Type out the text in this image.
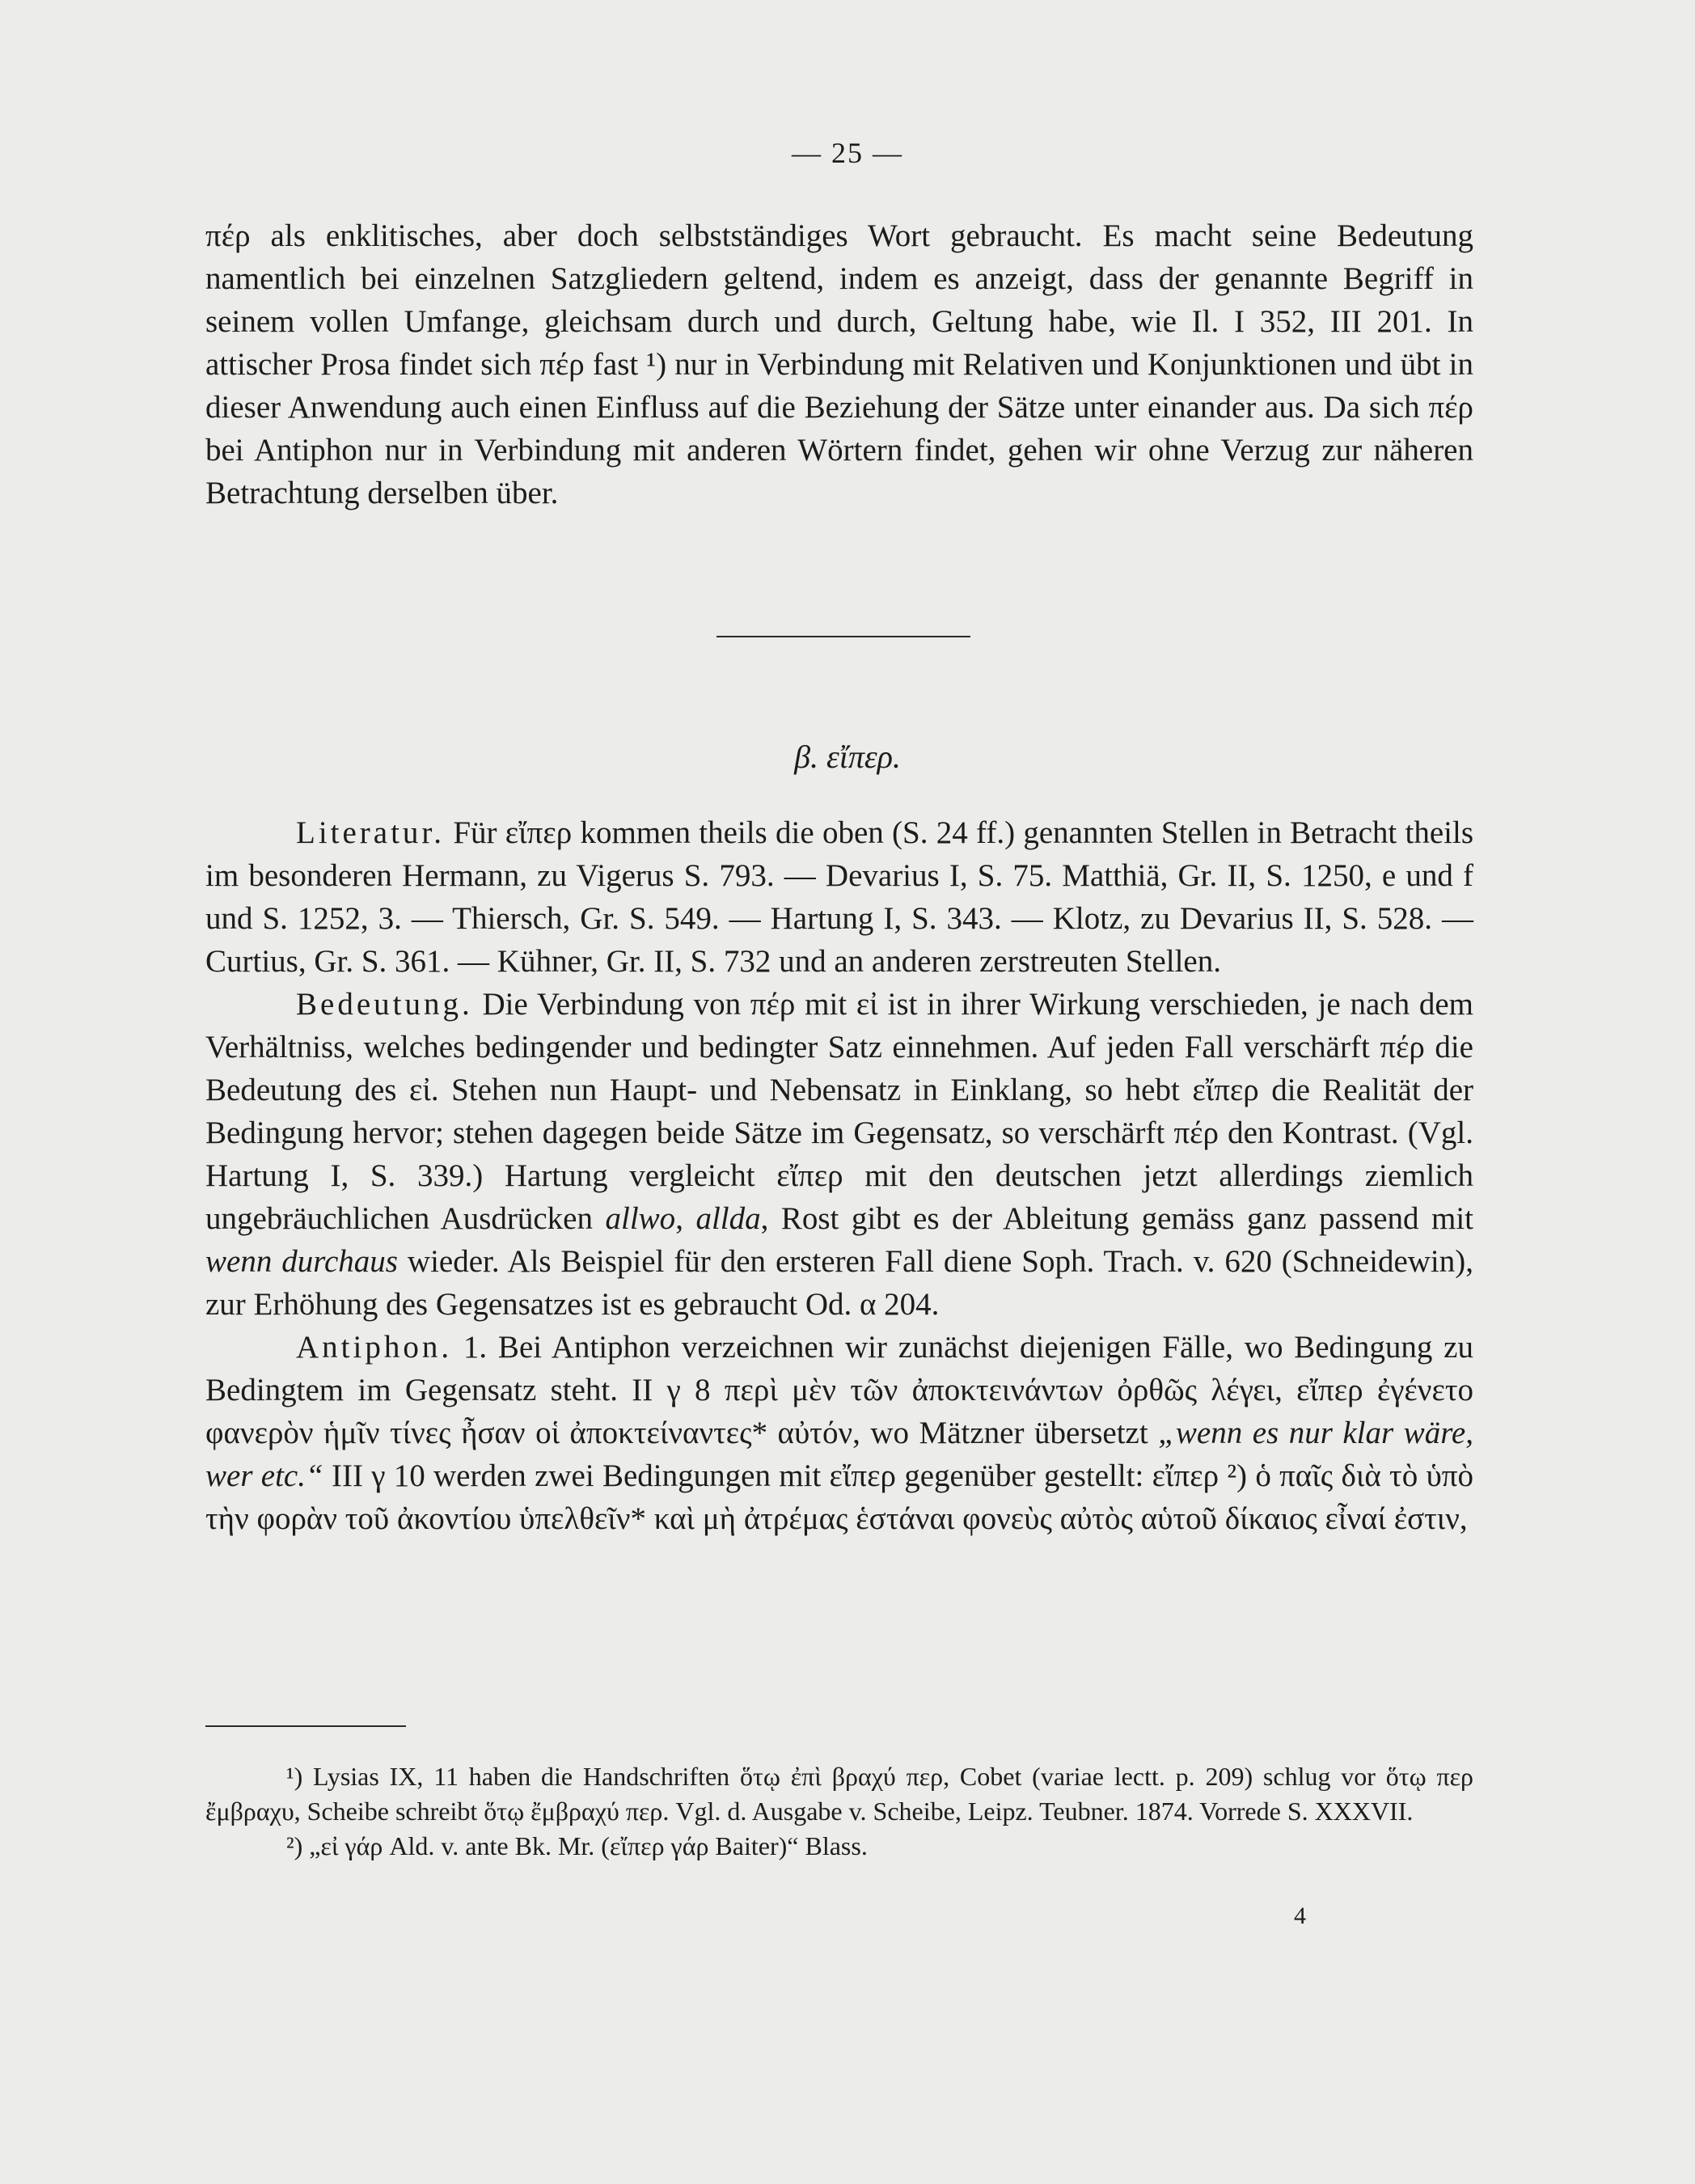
— 25 —

πέρ als enklitisches, aber doch selbstständiges Wort gebraucht. Es macht seine Bedeutung namentlich bei einzelnen Satzgliedern geltend, indem es anzeigt, dass der genannte Begriff in seinem vollen Umfange, gleichsam durch und durch, Geltung habe, wie Il. I 352, III 201. In attischer Prosa findet sich πέρ fast ¹) nur in Verbindung mit Relativen und Konjunktionen und übt in dieser Anwendung auch einen Einfluss auf die Beziehung der Sätze unter einander aus. Da sich πέρ bei Antiphon nur in Verbindung mit anderen Wörtern findet, gehen wir ohne Verzug zur näheren Betrachtung derselben über.

β. εἴπερ.

Literatur. Für εἴπερ kommen theils die oben (S. 24 ff.) genannten Stellen in Betracht theils im besonderen Hermann, zu Vigerus S. 793. — Devarius I, S. 75. Matthiä, Gr. II, S. 1250, e und f und S. 1252, 3. — Thiersch, Gr. S. 549. — Hartung I, S. 343. — Klotz, zu Devarius II, S. 528. — Curtius, Gr. S. 361. — Kühner, Gr. II, S. 732 und an anderen zerstreuten Stellen.

Bedeutung. Die Verbindung von πέρ mit εἰ ist in ihrer Wirkung verschieden, je nach dem Verhältniss, welches bedingender und bedingter Satz einnehmen. Auf jeden Fall verschärft πέρ die Bedeutung des εἰ. Stehen nun Haupt- und Nebensatz in Einklang, so hebt εἴπερ die Realität der Bedingung hervor; stehen dagegen beide Sätze im Gegensatz, so verschärft πέρ den Kontrast. (Vgl. Hartung I, S. 339.) Hartung vergleicht εἴπερ mit den deutschen jetzt allerdings ziemlich ungebräuchlichen Ausdrücken allwo, allda, Rost gibt es der Ableitung gemäss ganz passend mit wenn durchaus wieder. Als Beispiel für den ersteren Fall diene Soph. Trach. v. 620 (Schneidewin), zur Erhöhung des Gegensatzes ist es gebraucht Od. α 204.

Antiphon. 1. Bei Antiphon verzeichnen wir zunächst diejenigen Fälle, wo Bedingung zu Bedingtem im Gegensatz steht. II γ 8 περὶ μὲν τῶν ἀποκτεινάντων ὀρθῶς λέγει, εἴπερ ἐγένετο φανερὸν ἡμῖν τίνες ἦσαν οἱ ἀποκτείναντες* αὐτόν, wo Mätzner übersetzt „wenn es nur klar wäre, wer etc.“ III γ 10 werden zwei Bedingungen mit εἴπερ gegenüber gestellt: εἴπερ ²) ὁ παῖς διὰ τὸ ὑπὸ τὴν φορὰν τοῦ ἀκοντίου ὑπελθεῖν* καὶ μὴ ἀτρέμας ἑστάναι φονεὺς αὐτὸς αὑτοῦ δίκαιος εἶναί ἐστιν,

¹) Lysias IX, 11 haben die Handschriften ὅτῳ ἐπὶ βραχύ περ, Cobet (variae lectt. p. 209) schlug vor ὅτῳ περ ἔμβραχυ, Scheibe schreibt ὅτῳ ἔμβραχύ περ. Vgl. d. Ausgabe v. Scheibe, Leipz. Teubner. 1874. Vorrede S. XXXVII.

²) „εἰ γάρ Ald. v. ante Bk. Mr. (εἴπερ γάρ Baiter)“ Blass.

4
